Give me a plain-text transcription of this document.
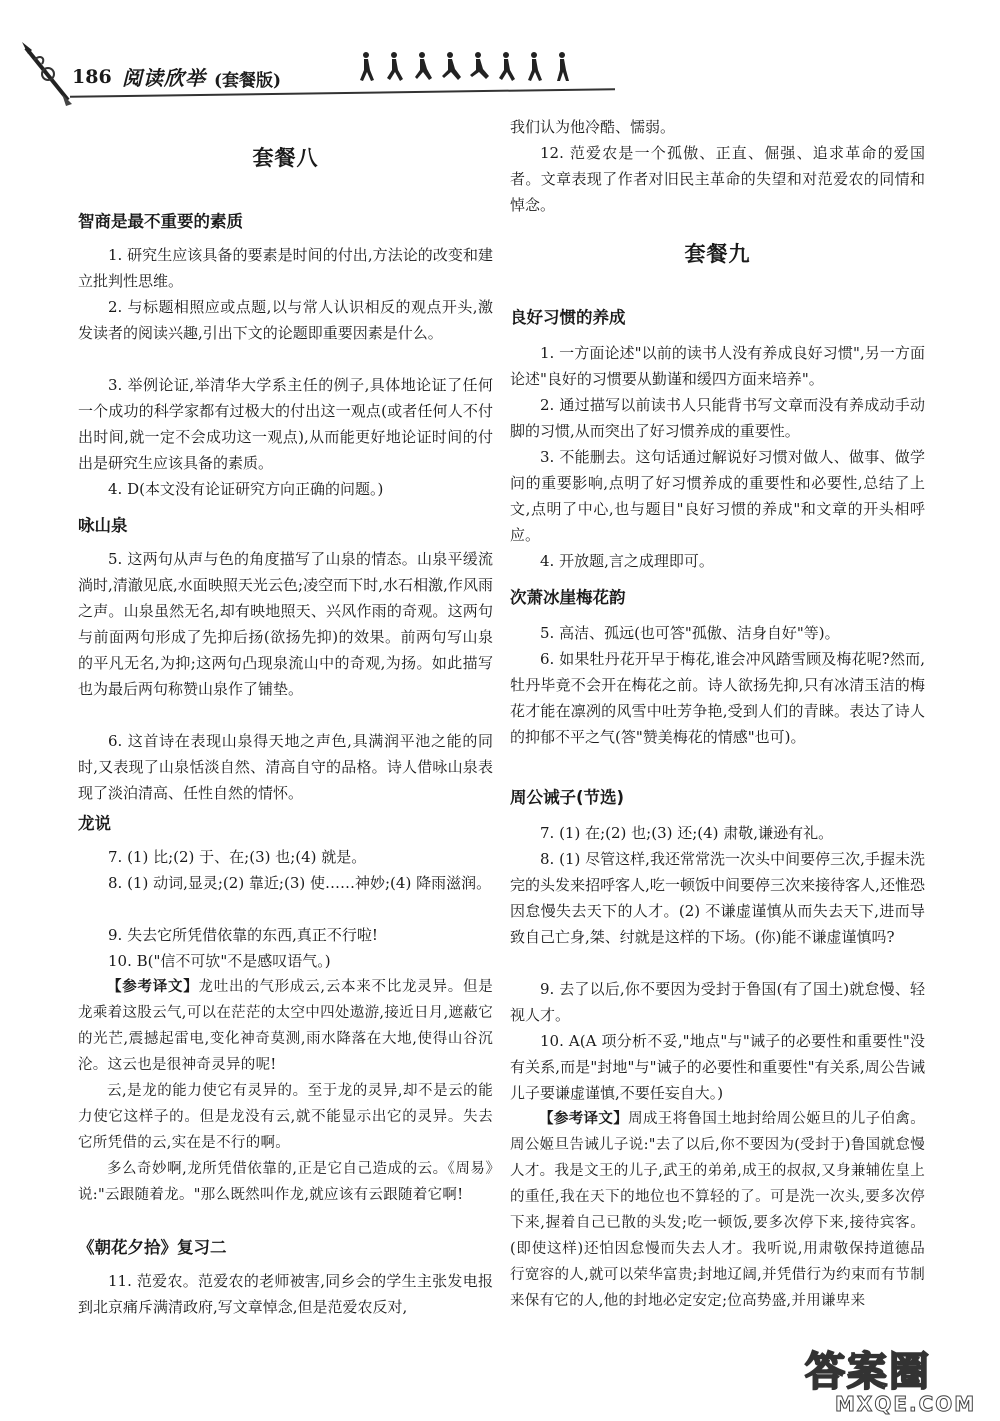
186 阅读欣举 (套餐版)
套餐八
智商是最不重要的素质

1. 研究生应该具备的要素是时间的付出,方法论的改变和建立批判性思维。

2. 与标题相照应或点题,以与常人认识相反的观点开头,激发读者的阅读兴趣,引出下文的论题即重要因素是什么。

3. 举例论证,举清华大学系主任的例子,具体地论证了任何一个成功的科学家都有过极大的付出这一观点(或者任何人不付出时间,就一定不会成功这一观点),从而能更好地论证时间的付出是研究生应该具备的素质。

4. D(本文没有论证研究方向正确的问题。)

咏山泉

5. 这两句从声与色的角度描写了山泉的情态。山泉平缓流淌时,清澈见底,水面映照天光云色;凌空而下时,水石相激,作风雨之声。山泉虽然无名,却有映地照天、兴风作雨的奇观。这两句与前面两句形成了先抑后扬(欲扬先抑)的效果。前两句写山泉的平凡无名,为抑;这两句凸现泉流山中的奇观,为扬。如此描写也为最后两句称赞山泉作了铺垫。

6. 这首诗在表现山泉得天地之声色,具满润平池之能的同时,又表现了山泉恬淡自然、清高自守的品格。诗人借咏山泉表现了淡泊清高、任性自然的情怀。

龙说

7. (1) 比;(2) 于、在;(3) 也;(4) 就是。

8. (1) 动词,显灵;(2) 靠近;(3) 使……神妙;(4) 降雨滋润。

9. 失去它所凭借依靠的东西,真正不行啦!

10. B("信不可欤"不是感叹语气。)

【参考译文】龙吐出的气形成云,云本来不比龙灵异。但是龙乘着这股云气,可以在茫茫的太空中四处遨游,接近日月,遮蔽它的光芒,震撼起雷电,变化神奇莫测,雨水降落在大地,使得山谷沉沦。这云也是很神奇灵异的呢!

云,是龙的能力使它有灵异的。至于龙的灵异,却不是云的能力使它这样子的。但是龙没有云,就不能显示出它的灵异。失去它所凭借的云,实在是不行的啊。

多么奇妙啊,龙所凭借依靠的,正是它自己造成的云。《周易》说:"云跟随着龙。"那么既然叫作龙,就应该有云跟随着它啊!

《朝花夕拾》复习二

11. 范爱农。范爱农的老师被害,同乡会的学生主张发电报到北京痛斥满清政府,写文章悼念,但是范爱农反对,

我们认为他冷酷、懦弱。

12. 范爱农是一个孤傲、正直、倔强、追求革命的爱国者。文章表现了作者对旧民主革命的失望和对范爱农的同情和悼念。

套餐九
良好习惯的养成

1. 一方面论述"以前的读书人没有养成良好习惯",另一方面论述"良好的习惯要从勤谨和缓四方面来培养"。

2. 通过描写以前读书人只能背书写文章而没有养成动手动脚的习惯,从而突出了好习惯养成的重要性。

3. 不能删去。这句话通过解说好习惯对做人、做事、做学问的重要影响,点明了好习惯养成的重要性和必要性,总结了上文,点明了中心,也与题目"良好习惯的养成"和文章的开头相呼应。

4. 开放题,言之成理即可。

次萧冰崖梅花韵

5. 高洁、孤远(也可答"孤傲、洁身自好"等)。

6. 如果牡丹花开早于梅花,谁会冲风踏雪顾及梅花呢?然而,牡丹毕竟不会开在梅花之前。诗人欲扬先抑,只有冰清玉洁的梅花才能在凛冽的风雪中吐芳争艳,受到人们的青睐。表达了诗人的抑郁不平之气(答"赞美梅花的情感"也可)。

周公诫子(节选)

7. (1) 在;(2) 也;(3) 还;(4) 肃敬,谦逊有礼。

8. (1) 尽管这样,我还常常洗一次头中间要停三次,手握未洗完的头发来招呼客人,吃一顿饭中间要停三次来接待客人,还惟恐因怠慢失去天下的人才。(2) 不谦虚谨慎从而失去天下,进而导致自己亡身,桀、纣就是这样的下场。(你)能不谦虚谨慎吗?

9. 去了以后,你不要因为受封于鲁国(有了国土)就怠慢、轻视人才。

10. A(A 项分析不妥,"地点"与"诫子的必要性和重要性"没有关系,而是"封地"与"诫子的必要性和重要性"有关系,周公告诫儿子要谦虚谨慎,不要任妄自大。)

【参考译文】周成王将鲁国土地封给周公姬旦的儿子伯禽。周公姬旦告诫儿子说:"去了以后,你不要因为(受封于)鲁国就怠慢人才。我是文王的儿子,武王的弟弟,成王的叔叔,又身兼辅佐皇上的重任,我在天下的地位也不算轻的了。可是洗一次头,要多次停下来,握着自己已散的头发;吃一顿饭,要多次停下来,接待宾客。(即使这样)还怕因怠慢而失去人才。我听说,用肃敬保持道德品行宽容的人,就可以荣华富贵;封地辽阔,并凭借行为约束而有节制来保有它的人,他的封地必定安定;位高势盛,并用谦卑来

答案圈
MXQE.COM
